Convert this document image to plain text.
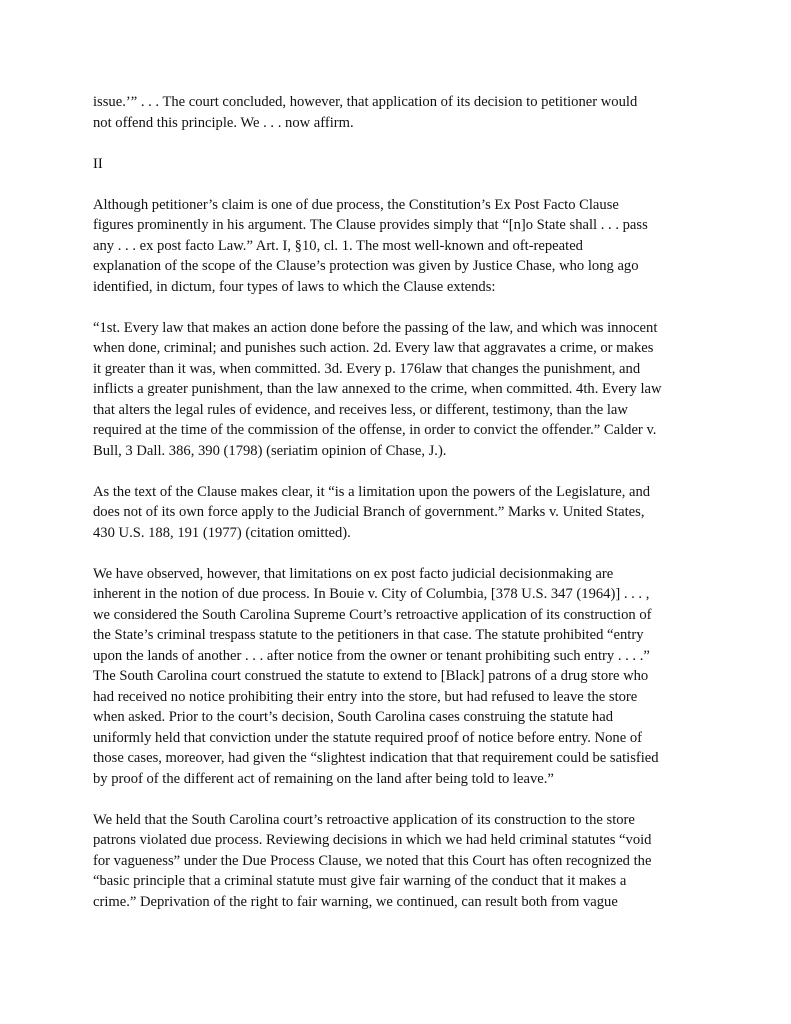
issue.’” . . . The court concluded, however, that application of its decision to petitioner would
not offend this principle. We . . . now affirm.

II

Although petitioner’s claim is one of due process, the Constitution’s Ex Post Facto Clause
figures prominently in his argument. The Clause provides simply that “[n]o State shall . . . pass
any . . . ex post facto Law.” Art. I, §10, cl. 1. The most well-known and oft-repeated
explanation of the scope of the Clause’s protection was given by Justice Chase, who long ago
identified, in dictum, four types of laws to which the Clause extends:

“1st. Every law that makes an action done before the passing of the law, and which was innocent
when done, criminal; and punishes such action. 2d. Every law that aggravates a crime, or makes
it greater than it was, when committed. 3d. Every p. 176law that changes the punishment, and
inflicts a greater punishment, than the law annexed to the crime, when committed. 4th. Every law
that alters the legal rules of evidence, and receives less, or different, testimony, than the law
required at the time of the commission of the offense, in order to convict the offender.” Calder v.
Bull, 3 Dall. 386, 390 (1798) (seriatim opinion of Chase, J.).

As the text of the Clause makes clear, it “is a limitation upon the powers of the Legislature, and
does not of its own force apply to the Judicial Branch of government.” Marks v. United States,
430 U.S. 188, 191 (1977) (citation omitted).

We have observed, however, that limitations on ex post facto judicial decisionmaking are
inherent in the notion of due process. In Bouie v. City of Columbia, [378 U.S. 347 (1964)] . . . ,
we considered the South Carolina Supreme Court’s retroactive application of its construction of
the State’s criminal trespass statute to the petitioners in that case. The statute prohibited “entry
upon the lands of another . . . after notice from the owner or tenant prohibiting such entry . . . .”
The South Carolina court construed the statute to extend to [Black] patrons of a drug store who
had received no notice prohibiting their entry into the store, but had refused to leave the store
when asked. Prior to the court’s decision, South Carolina cases construing the statute had
uniformly held that conviction under the statute required proof of notice before entry. None of
those cases, moreover, had given the “slightest indication that that requirement could be satisfied
by proof of the different act of remaining on the land after being told to leave.”

We held that the South Carolina court’s retroactive application of its construction to the store
patrons violated due process. Reviewing decisions in which we had held criminal statutes “void
for vagueness” under the Due Process Clause, we noted that this Court has often recognized the
“basic principle that a criminal statute must give fair warning of the conduct that it makes a
crime.” Deprivation of the right to fair warning, we continued, can result both from vague
